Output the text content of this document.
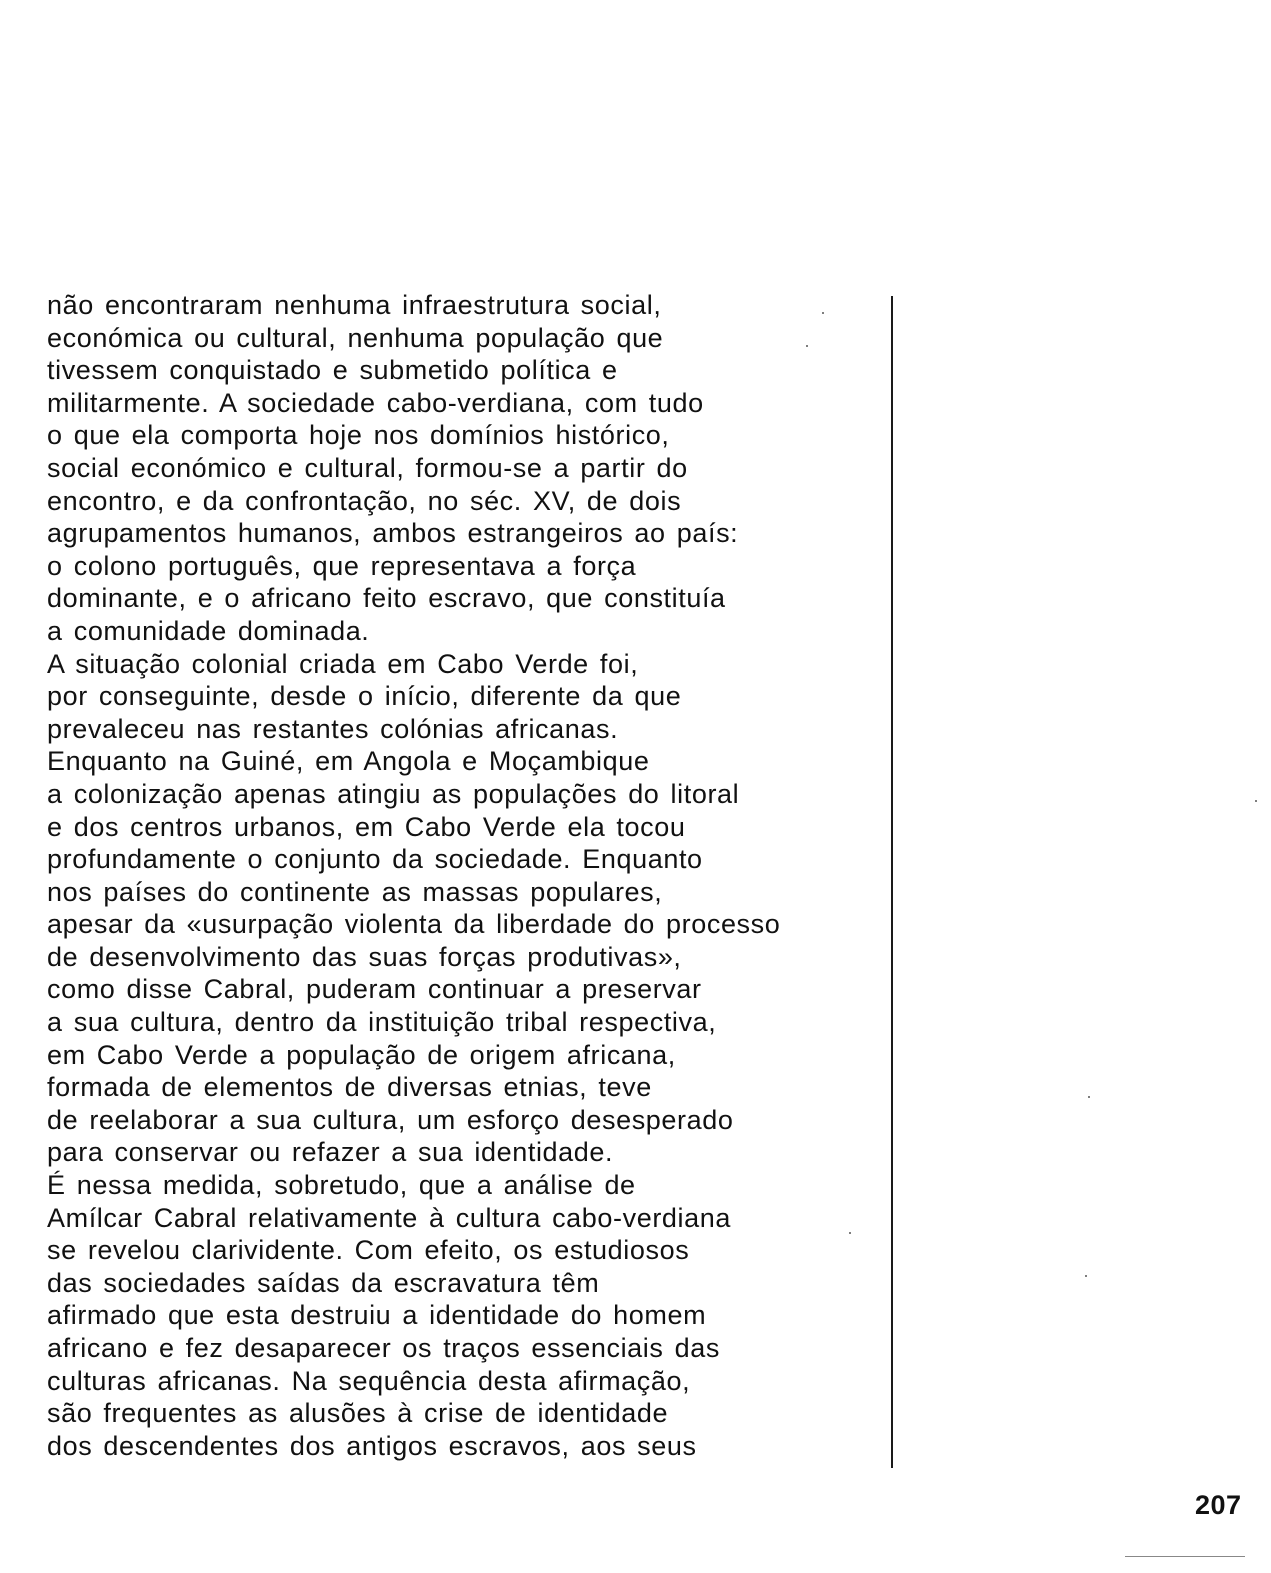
não encontraram nenhuma infraestrutura social,
económica ou cultural, nenhuma população que
tivessem conquistado e submetido política e
militarmente. A sociedade cabo-verdiana, com tudo
o que ela comporta hoje nos domínios histórico,
social económico e cultural, formou-se a partir do
encontro, e da confrontação, no séc. XV, de dois
agrupamentos humanos, ambos estrangeiros ao país:
o colono português, que representava a força
dominante, e o africano feito escravo, que constituía
a comunidade dominada.
A situação colonial criada em Cabo Verde foi,
por conseguinte, desde o início, diferente da que
prevaleceu nas restantes colónias africanas.
Enquanto na Guiné, em Angola e Moçambique
a colonização apenas atingiu as populações do litoral
e dos centros urbanos, em Cabo Verde ela tocou
profundamente o conjunto da sociedade. Enquanto
nos países do continente as massas populares,
apesar da «usurpação violenta da liberdade do processo
de desenvolvimento das suas forças produtivas»,
como disse Cabral, puderam continuar a preservar
a sua cultura, dentro da instituição tribal respectiva,
em Cabo Verde a população de origem africana,
formada de elementos de diversas etnias, teve
de reelaborar a sua cultura, um esforço desesperado
para conservar ou refazer a sua identidade.
É nessa medida, sobretudo, que a análise de
Amílcar Cabral relativamente à cultura cabo-verdiana
se revelou clarividente. Com efeito, os estudiosos
das sociedades saídas da escravatura têm
afirmado que esta destruiu a identidade do homem
africano e fez desaparecer os traços essenciais das
culturas africanas. Na sequência desta afirmação,
são frequentes as alusões à crise de identidade
dos descendentes dos antigos escravos, aos seus
207
